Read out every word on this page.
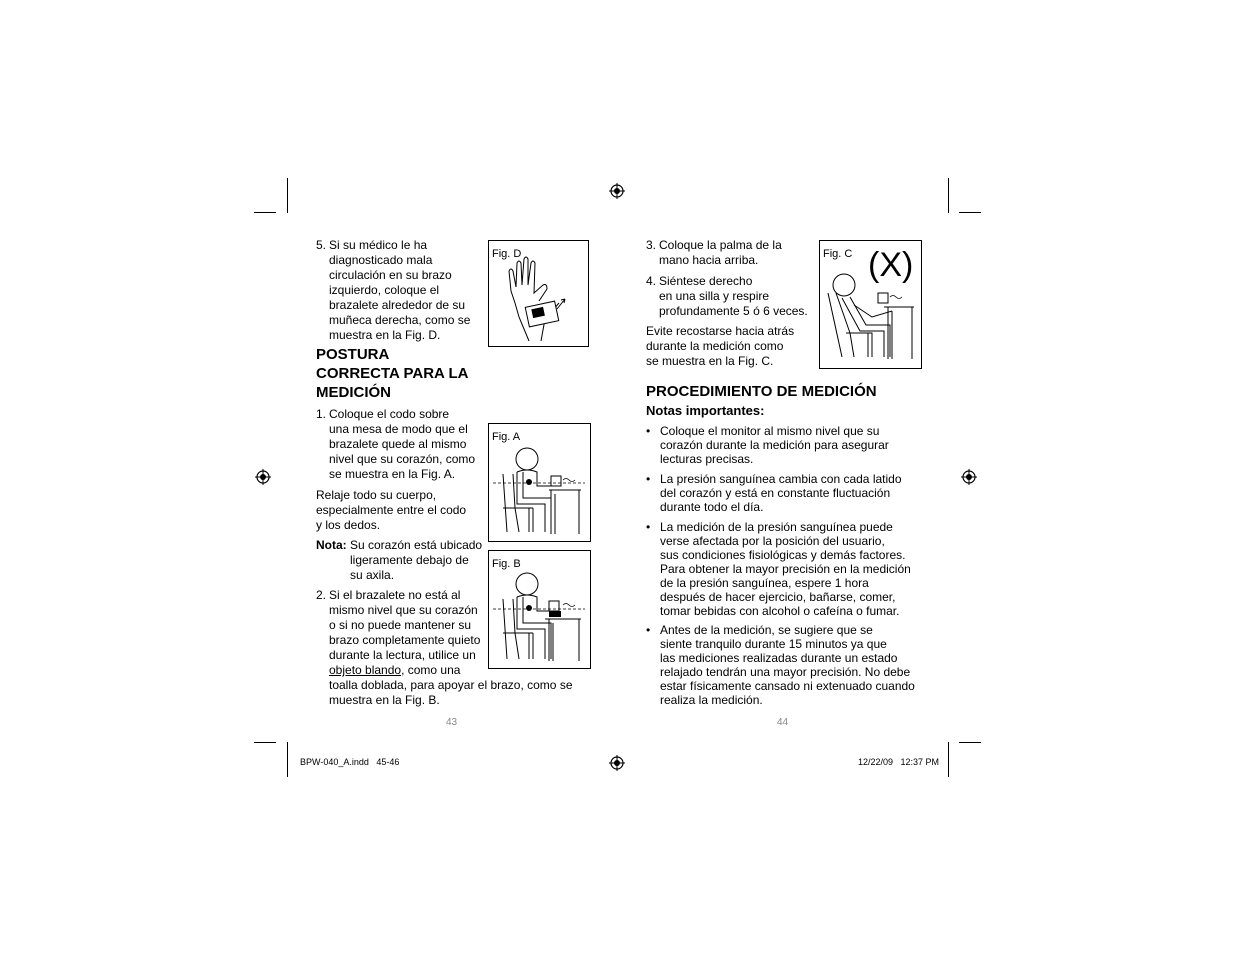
5. Si su médico le ha
diagnosticado mala
circulación en su brazo
izquierdo, coloque el
brazalete alrededor de su
muñeca derecha, como se
muestra en la Fig. D.
Fig. D
POSTURA
CORRECTA PARA LA
MEDICIÓN
1. Coloque el codo sobre
una mesa de modo que el
brazalete quede al mismo
nivel que su corazón, como
se muestra en la Fig. A.
Relaje todo su cuerpo,
especialmente entre el codo
y los dedos.
Nota: Su corazón está ubicado
ligeramente debajo de
su axila.
Fig. A
Fig. B
2. Si el brazalete no está al
mismo nivel que su corazón
o si no puede mantener su
brazo completamente quieto
durante la lectura, utilice un
objeto blando, como una
toalla doblada, para apoyar el brazo, como se
muestra en la Fig. B.
43
3. Coloque la palma de la
mano hacia arriba.
4. Siéntese derecho
en una silla y respire
profundamente 5 ó 6 veces.
Evite recostarse hacia atrás
durante la medición como
se muestra en la Fig. C.
Fig. C (X)
PROCEDIMIENTO DE MEDICIÓN
Notas importantes:
• Coloque el monitor al mismo nivel que su
corazón durante la medición para asegurar
lecturas precisas.
• La presión sanguínea cambia con cada latido
del corazón y está en constante fluctuación
durante todo el día.
• La medición de la presión sanguínea puede
verse afectada por la posición del usuario,
sus condiciones fisiológicas y demás factores.
Para obtener la mayor precisión en la medición
de la presión sanguínea, espere 1 hora
después de hacer ejercicio, bañarse, comer,
tomar bebidas con alcohol o cafeína o fumar.
• Antes de la medición, se sugiere que se
siente tranquilo durante 15 minutos ya que
las mediciones realizadas durante un estado
relajado tendrán una mayor precisión. No debe
estar físicamente cansado ni extenuado cuando
realiza la medición.
44
BPW-040_A.indd   45-46	12/22/09   12:37 PM
